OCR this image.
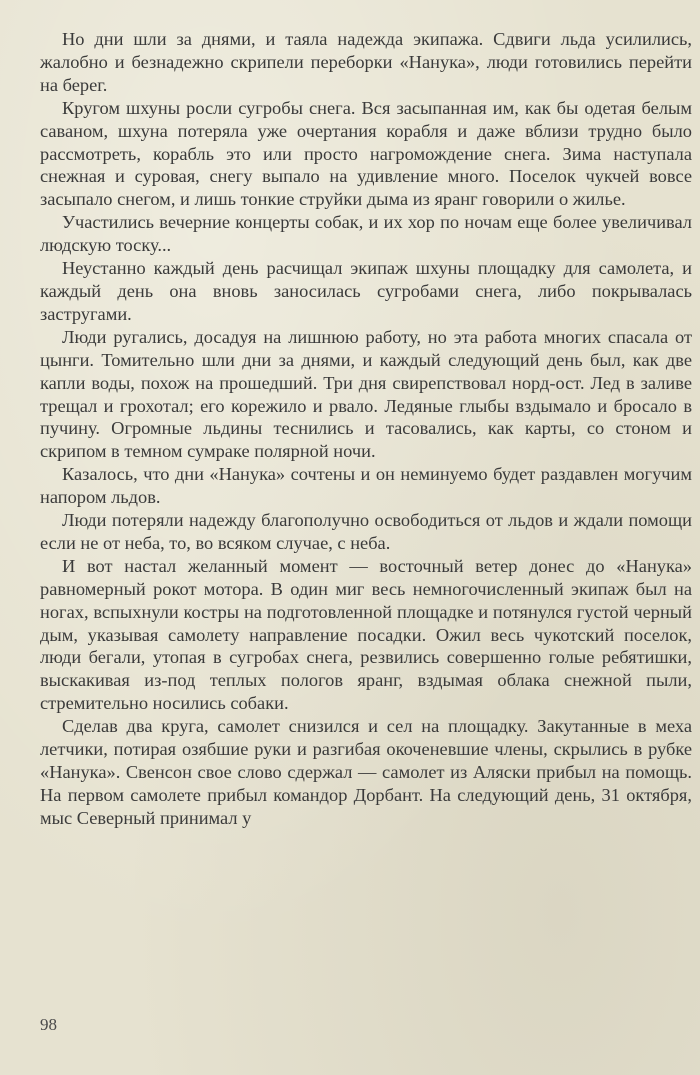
Но дни шли за днями, и таяла надежда экипажа. Сдвиги льда усилились, жалобно и безнадежно скрипели переборки «Нанука», люди готовились перейти на берег.

Кругом шхуны росли сугробы снега. Вся засыпанная им, как бы одетая белым саваном, шхуна потеряла уже очертания корабля и даже вблизи трудно было рассмотреть, корабль это или просто нагромождение снега. Зима наступала снежная и суровая, снегу выпало на удивление много. Поселок чукчей вовсе засыпало снегом, и лишь тонкие струйки дыма из яранг говорили о жилье.

Участились вечерние концерты собак, и их хор по ночам еще более увеличивал людскую тоску...

Неустанно каждый день расчищал экипаж шхуны площадку для самолета, и каждый день она вновь заносилась сугробами снега, либо покрывалась застругами.

Люди ругались, досадуя на лишнюю работу, но эта работа многих спасала от цынги. Томительно шли дни за днями, и каждый следующий день был, как две капли воды, похож на прошедший. Три дня свирепствовал норд-ост. Лед в заливе трещал и грохотал; его корежило и рвало. Ледяные глыбы вздымало и бросало в пучину. Огромные льдины теснились и тасовались, как карты, со стоном и скрипом в темном сумраке полярной ночи.

Казалось, что дни «Нанука» сочтены и он неминуемо будет раздавлен могучим напором льдов.

Люди потеряли надежду благополучно освободиться от льдов и ждали помощи если не от неба, то, во всяком случае, с неба.

И вот настал желанный момент — восточный ветер донес до «Нанука» равномерный рокот мотора. В один миг весь немногочисленный экипаж был на ногах, вспыхнули костры на подготовленной площадке и потянулся густой черный дым, указывая самолету направление посадки. Ожил весь чукотский поселок, люди бегали, утопая в сугробах снега, резвились совершенно голые ребятишки, выскакивая из-под теплых пологов яранг, вздымая облака снежной пыли, стремительно носились собаки.

Сделав два круга, самолет снизился и сел на площадку. Закутанные в меха летчики, потирая озябшие руки и разгибая окоченевшие члены, скрылись в рубке «Нанука». Свенсон свое слово сдержал — самолет из Аляски прибыл на помощь. На первом самолете прибыл командор Дорбант. На следующий день, 31 октября, мыс Северный принимал у

98
